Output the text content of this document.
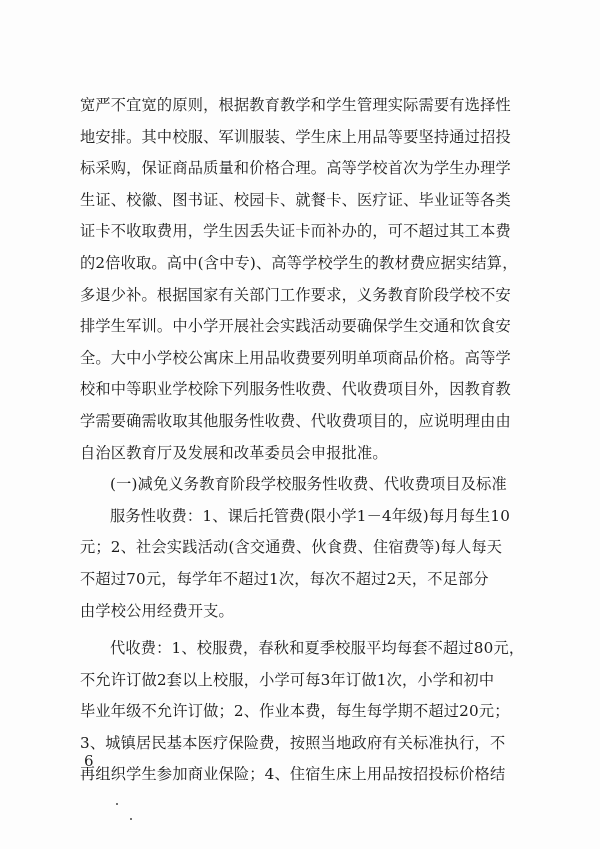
宽严不宜宽的原则，根据教育教学和学生管理实际需要有选择性
地安排。其中校服、军训服装、学生床上用品等要坚持通过招投
标采购，保证商品质量和价格合理。高等学校首次为学生办理学
生证、校徽、图书证、校园卡、就餐卡、医疗证、毕业证等各类
证卡不收取费用，学生因丢失证卡而补办的，可不超过其工本费
的2倍收取。高中(含中专)、高等学校学生的教材费应据实结算，
多退少补。根据国家有关部门工作要求，义务教育阶段学校不安
排学生军训。中小学开展社会实践活动要确保学生交通和饮食安
全。大中小学校公寓床上用品收费要列明单项商品价格。高等学
校和中等职业学校除下列服务性收费、代收费项目外，因教育教
学需要确需收取其他服务性收费、代收费项目的，应说明理由由
自治区教育厅及发展和改革委员会申报批准。
(一)减免义务教育阶段学校服务性收费、代收费项目及标准
服务性收费：1、课后托管费(限小学1－4年级)每月每生10
元；2、社会实践活动(含交通费、伙食费、住宿费等)每人每天
不超过70元，每学年不超过1次，每次不超过2天，不足部分
由学校公用经费开支。
代收费：1、校服费，春秋和夏季校服平均每套不超过80元，
不允许订做2套以上校服，小学可每3年订做1次，小学和初中
毕业年级不允许订做；2、作业本费，每生每学期不超过20元；
3、城镇居民基本医疗保险费，按照当地政府有关标准执行，不
再组织学生参加商业保险；4、住宿生床上用品按招投标价格结
6
